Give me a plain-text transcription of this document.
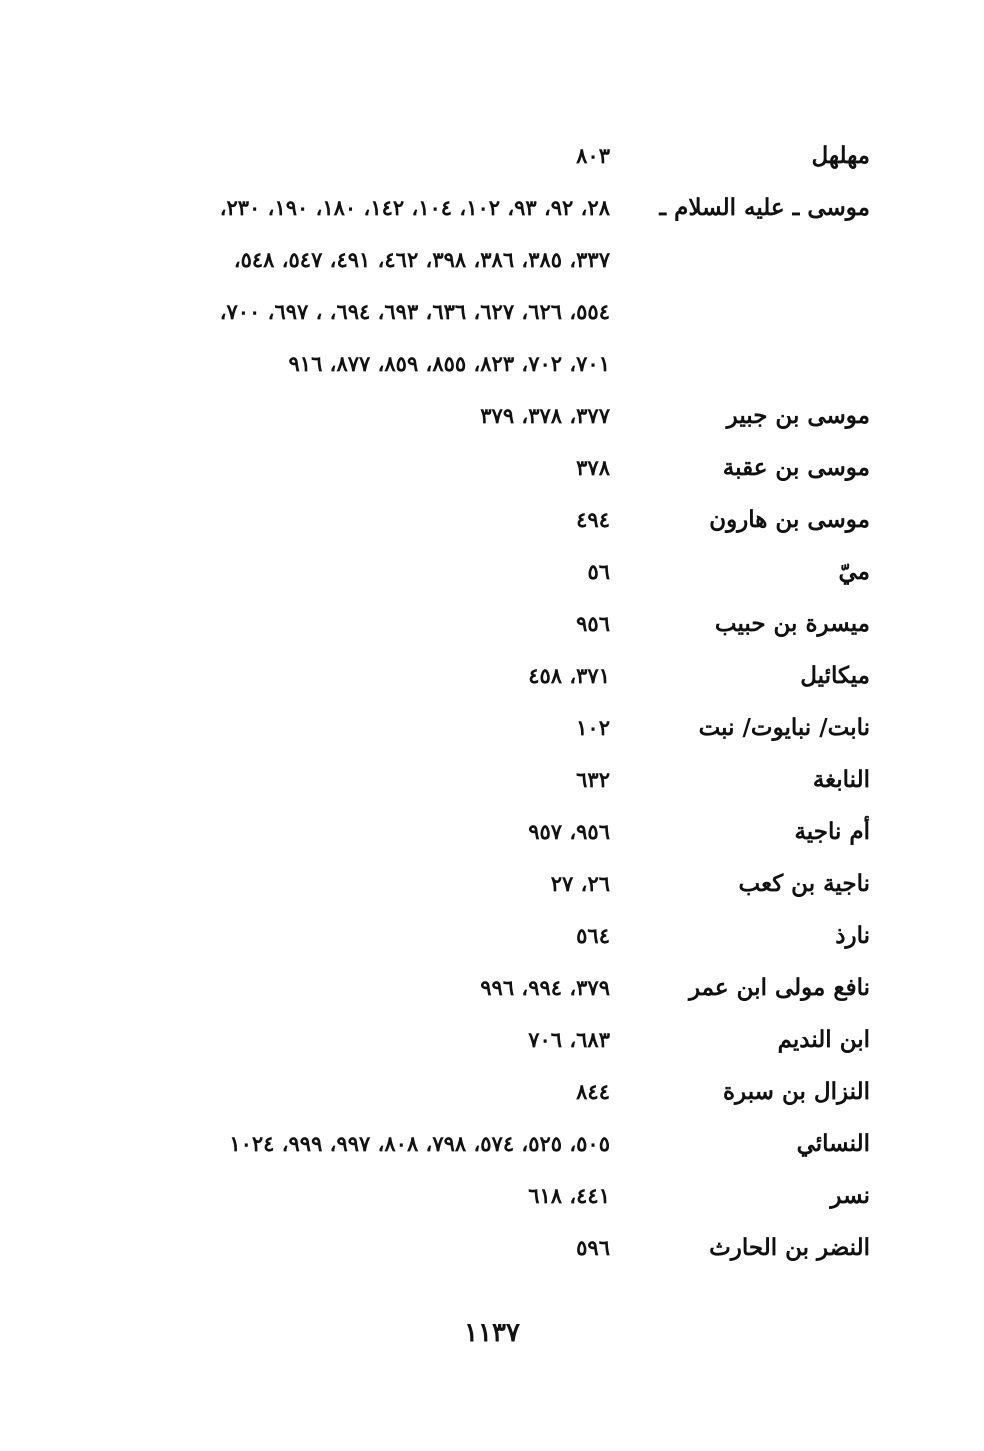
مهلهل
٨٠٣
موسى ـ عليه السلام ـ
٢٨، ٩٢، ٩٣، ١٠٢، ١٠٤، ١٤٢، ١٨٠، ١٩٠، ٢٣٠،
٣٣٧، ٣٨٥، ٣٨٦، ٣٩٨، ٤٦٢، ٤٩١، ٥٤٧، ٥٤٨،
٥٥٤، ٦٢٦، ٦٢٧، ٦٣٦، ٦٩٣، ٦٩٤، ، ٦٩٧، ٧٠٠،
٧٠١، ٧٠٢، ٨٢٣، ٨٥٥، ٨٥٩، ٨٧٧، ٩١٦
موسى بن جبير
٣٧٧، ٣٧٨، ٣٧٩
موسى بن عقبة
٣٧٨
موسى بن هارون
٤٩٤
ميّ
٥٦
ميسرة بن حبيب
٩٥٦
ميكائيل
٣٧١، ٤٥٨
نابت/ نبايوت/ نبت
١٠٢
النابغة
٦٣٢
أم ناجية
٩٥٦، ٩٥٧
ناجية بن كعب
٢٦، ٢٧
نارذ
٥٦٤
نافع مولى ابن عمر
٣٧٩، ٩٩٤، ٩٩٦
ابن النديم
٦٨٣، ٧٠٦
النزال بن سبرة
٨٤٤
النسائي
٥٠٥، ٥٢٥، ٥٧٤، ٧٩٨، ٨٠٨، ٩٩٧، ٩٩٩، ١٠٢٤
نسر
٤٤١، ٦١٨
النضر بن الحارث
٥٩٦
١١٣٧
